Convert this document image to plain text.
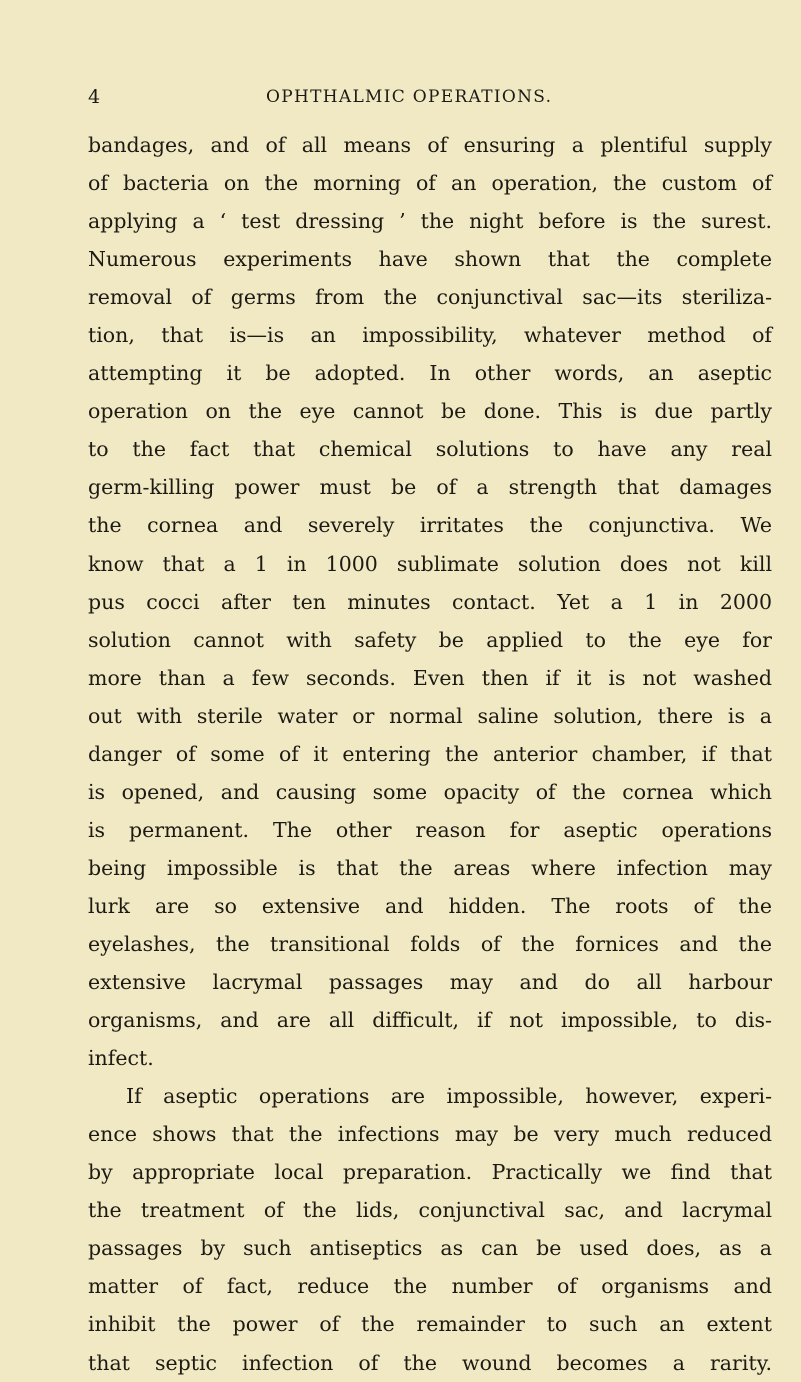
4	OPHTHALMIC OPERATIONS.
bandages, and of all means of ensuring a plentiful supply
of bacteria on the morning of an operation, the custom of
applying a ‘ test dressing ’ the night before is the surest.
Numerous experiments have shown that the complete
removal of germs from the conjunctival sac—its steriliza-
tion, that is—is an impossibility, whatever method of
attempting it be adopted. In other words, an aseptic
operation on the eye cannot be done. This is due partly
to the fact that chemical solutions to have any real
germ-killing power must be of a strength that damages
the cornea and severely irritates the conjunctiva. We
know that a 1 in 1000 sublimate solution does not kill
pus cocci after ten minutes contact. Yet a 1 in 2000
solution cannot with safety be applied to the eye for
more than a few seconds. Even then if it is not washed
out with sterile water or normal saline solution, there is a
danger of some of it entering the anterior chamber, if that
is opened, and causing some opacity of the cornea which
is permanent. The other reason for aseptic operations
being impossible is that the areas where infection may
lurk are so extensive and hidden. The roots of the
eyelashes, the transitional folds of the fornices and the
extensive lacrymal passages may and do all harbour
organisms, and are all difficult, if not impossible, to dis-
infect.
If aseptic operations are impossible, however, experi-
ence shows that the infections may be very much reduced
by appropriate local preparation. Practically we find that
the treatment of the lids, conjunctival sac, and lacrymal
passages by such antiseptics as can be used does, as a
matter of fact, reduce the number of organisms and
inhibit the power of the remainder to such an extent
that septic infection of the wound becomes a rarity.
